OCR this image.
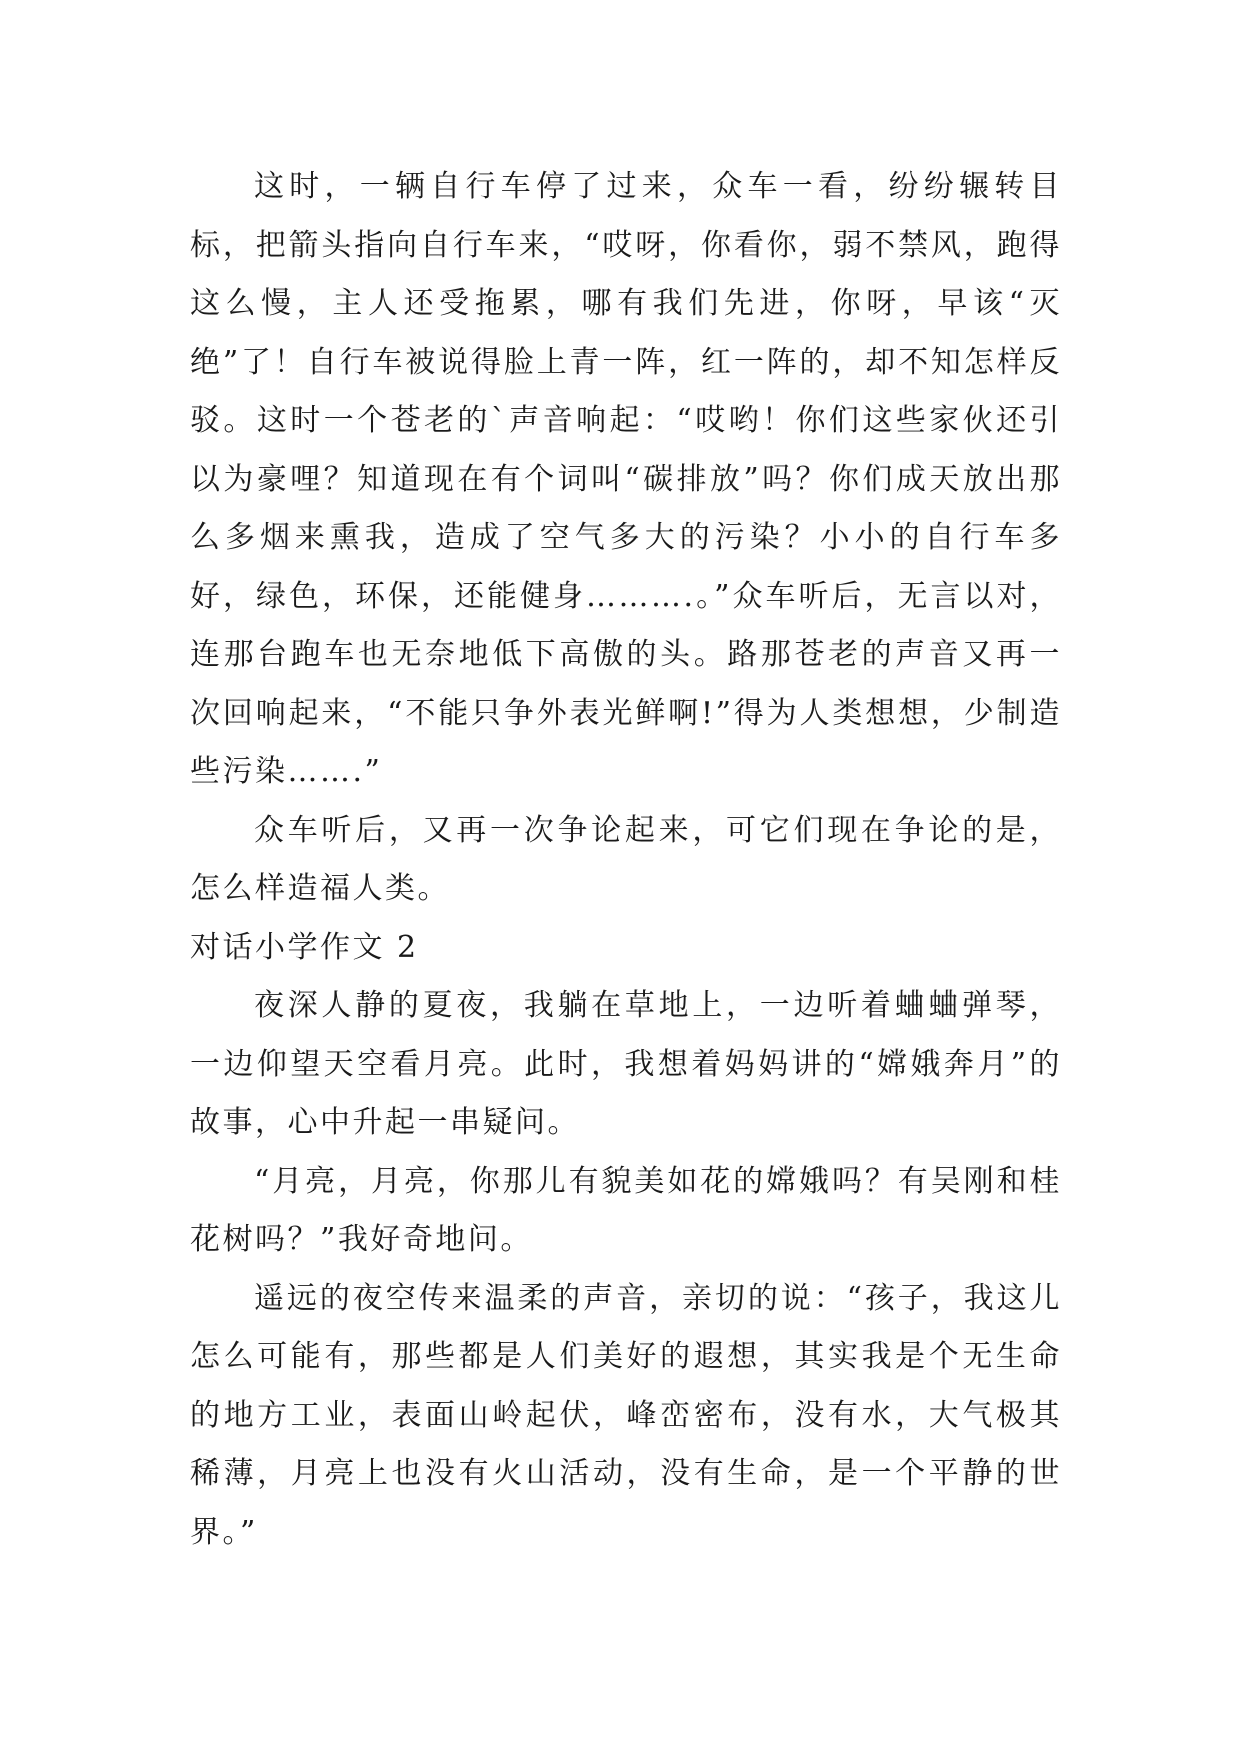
这时，一辆自行车停了过来，众车一看，纷纷辗转目标，把箭头指向自行车来，“哎呀，你看你，弱不禁风，跑得这么慢，主人还受拖累，哪有我们先进，你呀，早该“灭绝”了！自行车被说得脸上青一阵，红一阵的，却不知怎样反驳。这时一个苍老的`声音响起：“哎哟！你们这些家伙还引以为豪哩？知道现在有个词叫“碳排放”吗？你们成天放出那么多烟来熏我，造成了空气多大的污染？小小的自行车多好，绿色，环保，还能健身……….。”众车听后，无言以对，连那台跑车也无奈地低下高傲的头。路那苍老的声音又再一次回响起来，“不能只争外表光鲜啊!”得为人类想想，少制造些污染…….”

众车听后，又再一次争论起来，可它们现在争论的是，怎么样造福人类。

对话小学作文 2

夜深人静的夏夜，我躺在草地上，一边听着蛐蛐弹琴，一边仰望天空看月亮。此时，我想着妈妈讲的“嫦娥奔月”的故事，心中升起一串疑问。

“月亮，月亮，你那儿有貌美如花的嫦娥吗？有吴刚和桂花树吗？”我好奇地问。

遥远的夜空传来温柔的声音，亲切的说：“孩子，我这儿怎么可能有，那些都是人们美好的遐想，其实我是个无生命的地方工业，表面山岭起伏，峰峦密布，没有水，大气极其稀薄，月亮上也没有火山活动，没有生命，是一个平静的世界。”
